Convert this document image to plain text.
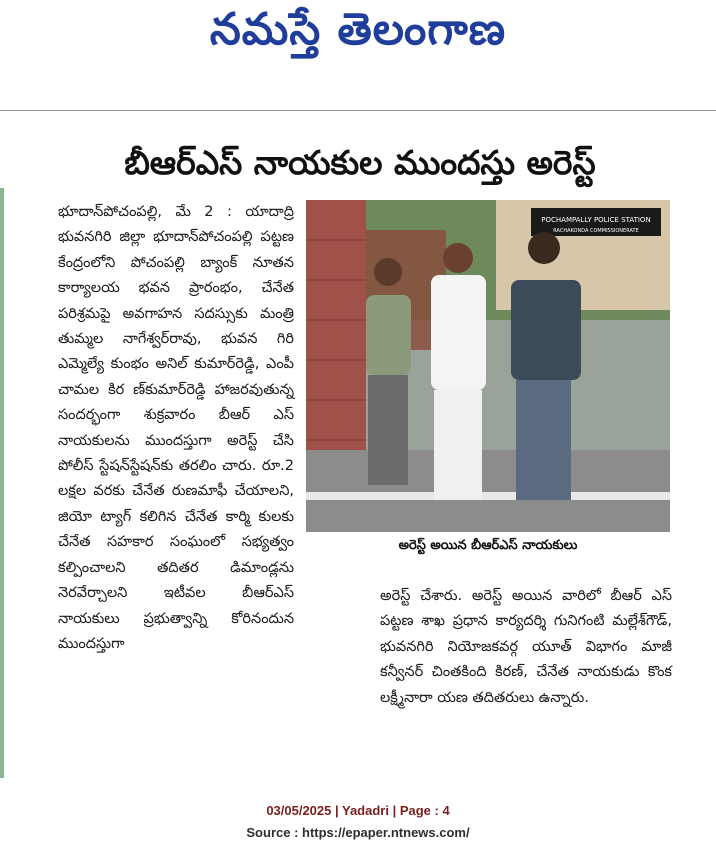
నమస్తే తెలంగాణ
బీఆర్ఎస్ నాయకుల ముందస్తు అరెస్ట్

భూదాన్‌పోచంపల్లి, మే 2 : యాదాద్రి భువనగిరి జిల్లా భూదాన్‌పోచంపల్లి పట్టణ కేంద్రంలోని పోచంపల్లి బ్యాంక్ నూతన కార్యాలయ భవన ప్రారంభం, చేనేత పరిశ్రమపై అవగాహన సదస్సుకు మంత్రి తుమ్మల నాగేశ్వర్‌రావు, భువన గిరి ఎమ్మెల్యే కుంభం అనిల్ కుమార్‌రెడ్డి, ఎంపీ చామల కిర ణ్‌కుమార్‌రెడ్డి హాజరవుతున్న సందర్భంగా శుక్రవారం బీఆర్ ఎస్ నాయకులను ముందస్తుగా అరెస్ట్ చేసి పోలీస్ స్టేషన్‌స్టేషన్‌కు తరలిం చారు. రూ.2 లక్షల వరకు చేనేత రుణమాఫీ చేయాలని, జియో ట్యాగ్ కలిగిన చేనేత కార్మి కులకు చేనేత సహకార సంఘంలో సభ్యత్వం కల్పించాలని తదితర డిమాండ్లను నెరవేర్చాలని ఇటీవల బీఆర్ఎస్ నాయకులు ప్రభుత్వాన్ని కోరినందున ముందస్తుగా

POCHAMPALLY POLICE STATION
RACHAKONDA COMMISSIONERATE
అరెస్ట్ అయిన బీఆర్ఎస్ నాయకులు

అరెస్ట్ చేశారు. అరెస్ట్ అయిన వారిలో బీఆర్ ఎస్ పట్టణ శాఖ ప్రధాన కార్యదర్శి గునిగంటి మల్లేశ్‌గౌడ్, భువనగిరి నియోజకవర్గ యూత్ విభాగం మాజీ కన్వీనర్ చింతకింది కిరణ్, చేనేత నాయకుడు కొంక లక్ష్మీనారా యణ తదితరులు ఉన్నారు.

03/05/2025 | Yadadri | Page : 4
Source : https://epaper.ntnews.com/
